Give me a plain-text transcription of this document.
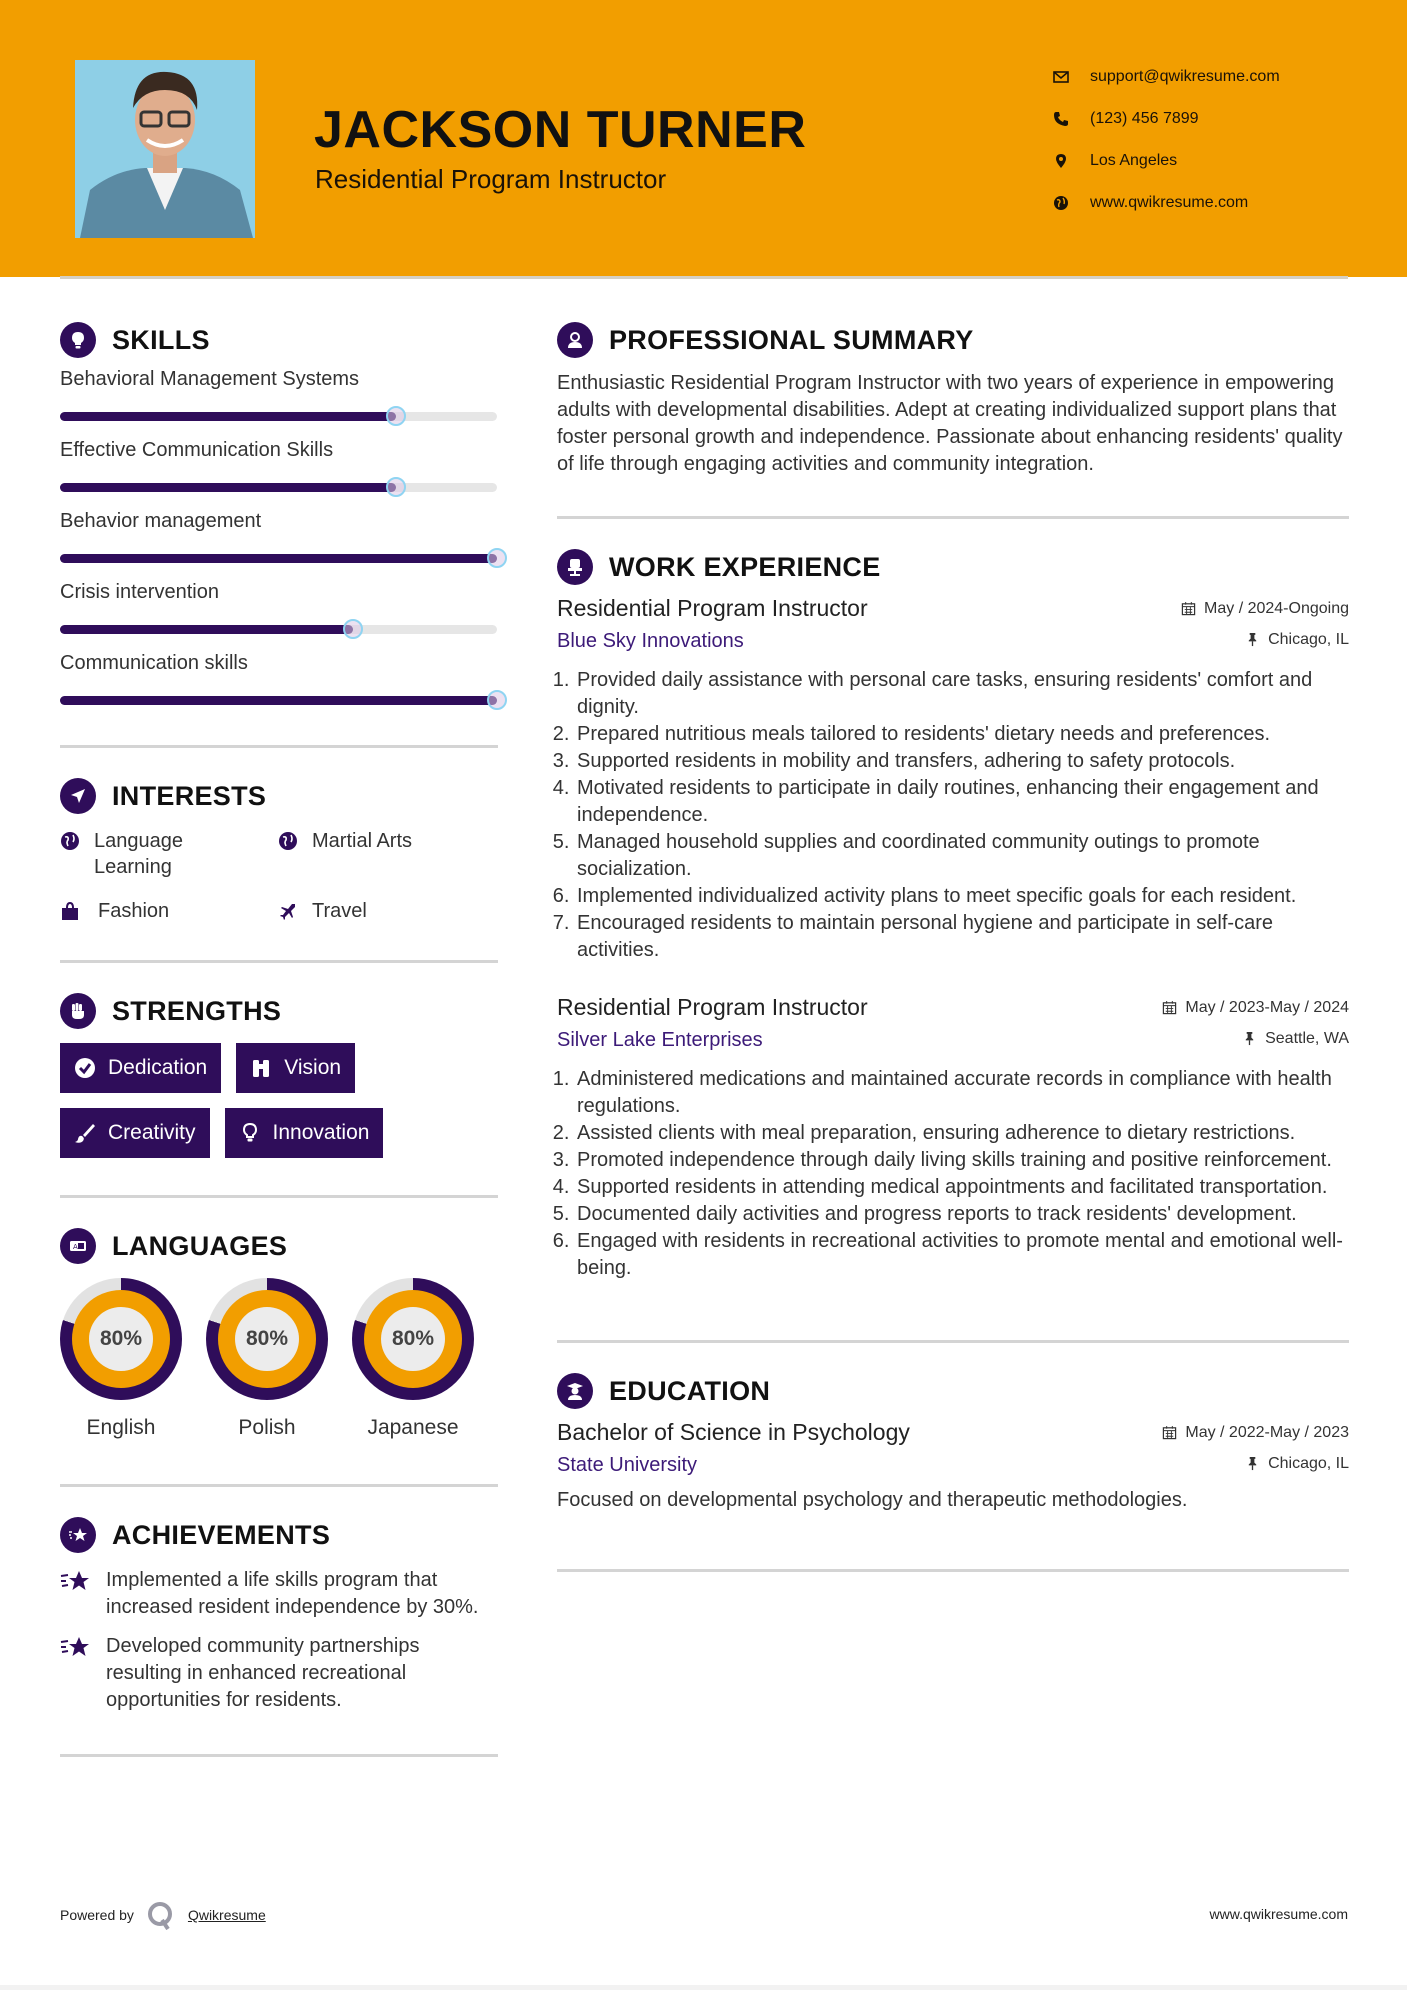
JACKSON TURNER
Residential Program Instructor
support@qwikresume.com
(123) 456 7899
Los Angeles
www.qwikresume.com
SKILLS
Behavioral Management Systems
Effective Communication Skills
Behavior management
Crisis intervention
Communication skills
INTERESTS
Language Learning
Martial Arts
Fashion	Travel
STRENGTHS
Dedication	Vision
Creativity	Innovation
A LANGUAGES
80%
English
80%
Polish
80%
Japanese
ACHIEVEMENTS

Implemented a life skills program that increased resident independence by 30%.

Developed community partnerships resulting in enhanced recreational opportunities for residents.

PROFESSIONAL SUMMARY

Enthusiastic Residential Program Instructor with two years of experience in empowering adults with developmental disabilities. Adept at creating individualized support plans that foster personal growth and independence. Passionate about enhancing residents' quality of life through engaging activities and community integration.

WORK EXPERIENCE
Residential Program Instructor	May / 2024-Ongoing
Blue Sky Innovations	Chicago, IL
1. Provided daily assistance with personal care tasks, ensuring residents' comfort and dignity.
2. Prepared nutritious meals tailored to residents' dietary needs and preferences.
3. Supported residents in mobility and transfers, adhering to safety protocols.
4. Motivated residents to participate in daily routines, enhancing their engagement and independence.
5. Managed household supplies and coordinated community outings to promote socialization.
6. Implemented individualized activity plans to meet specific goals for each resident.
7. Encouraged residents to maintain personal hygiene and participate in self-care activities.
Residential Program Instructor	May / 2023-May / 2024
Silver Lake Enterprises	Seattle, WA
1. Administered medications and maintained accurate records in compliance with health regulations.
2. Assisted clients with meal preparation, ensuring adherence to dietary restrictions.
3. Promoted independence through daily living skills training and positive reinforcement.
4. Supported residents in attending medical appointments and facilitated transportation.
5. Documented daily activities and progress reports to track residents' development.
6. Engaged with residents in recreational activities to promote mental and emotional well-being.
EDUCATION
Bachelor of Science in Psychology	May / 2022-May / 2023
State University	Chicago, IL

Focused on developmental psychology and therapeutic methodologies.

Powered by	Qwikresume	www.qwikresume.com
